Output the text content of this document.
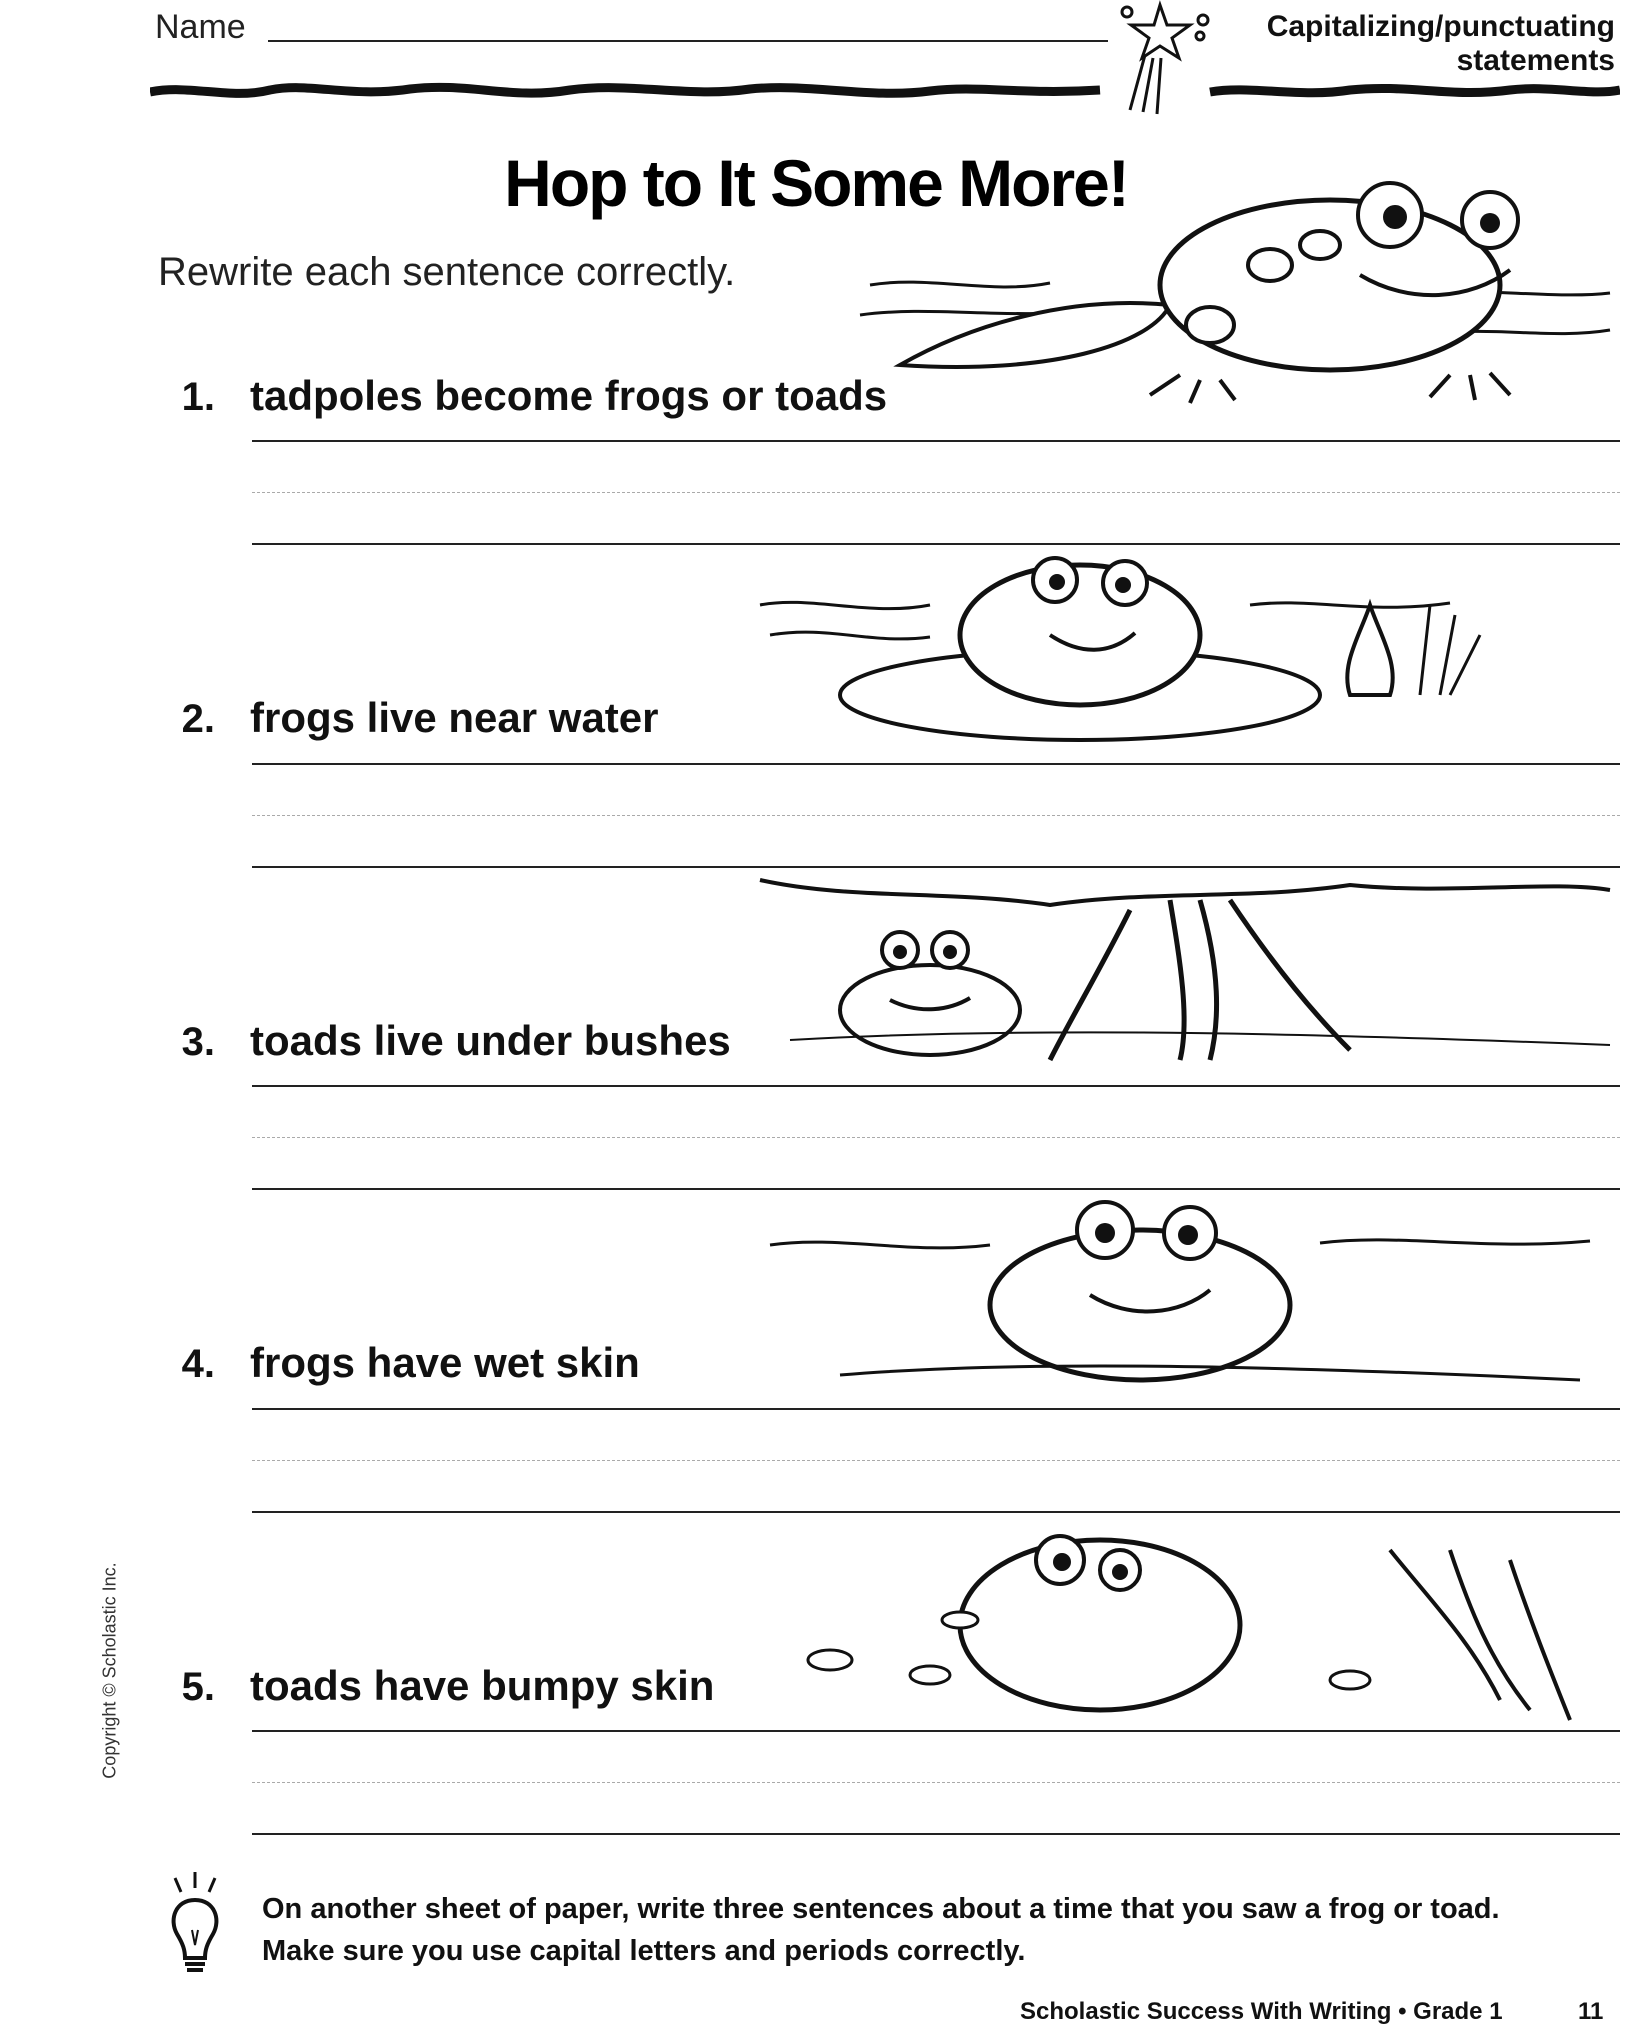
Name	Capitalizing/punctuating
statements
Hop to It Some More!
Rewrite each sentence correctly.
1. tadpoles become frogs or toads
2. frogs live near water
3. toads live under bushes
4. frogs have wet skin
5. toads have bumpy skin
On another sheet of paper, write three sentences about a time that you saw a frog or toad.
Make sure you use capital letters and periods correctly.
Scholastic Success With Writing • Grade 1	11
Copyright © Scholastic Inc.
